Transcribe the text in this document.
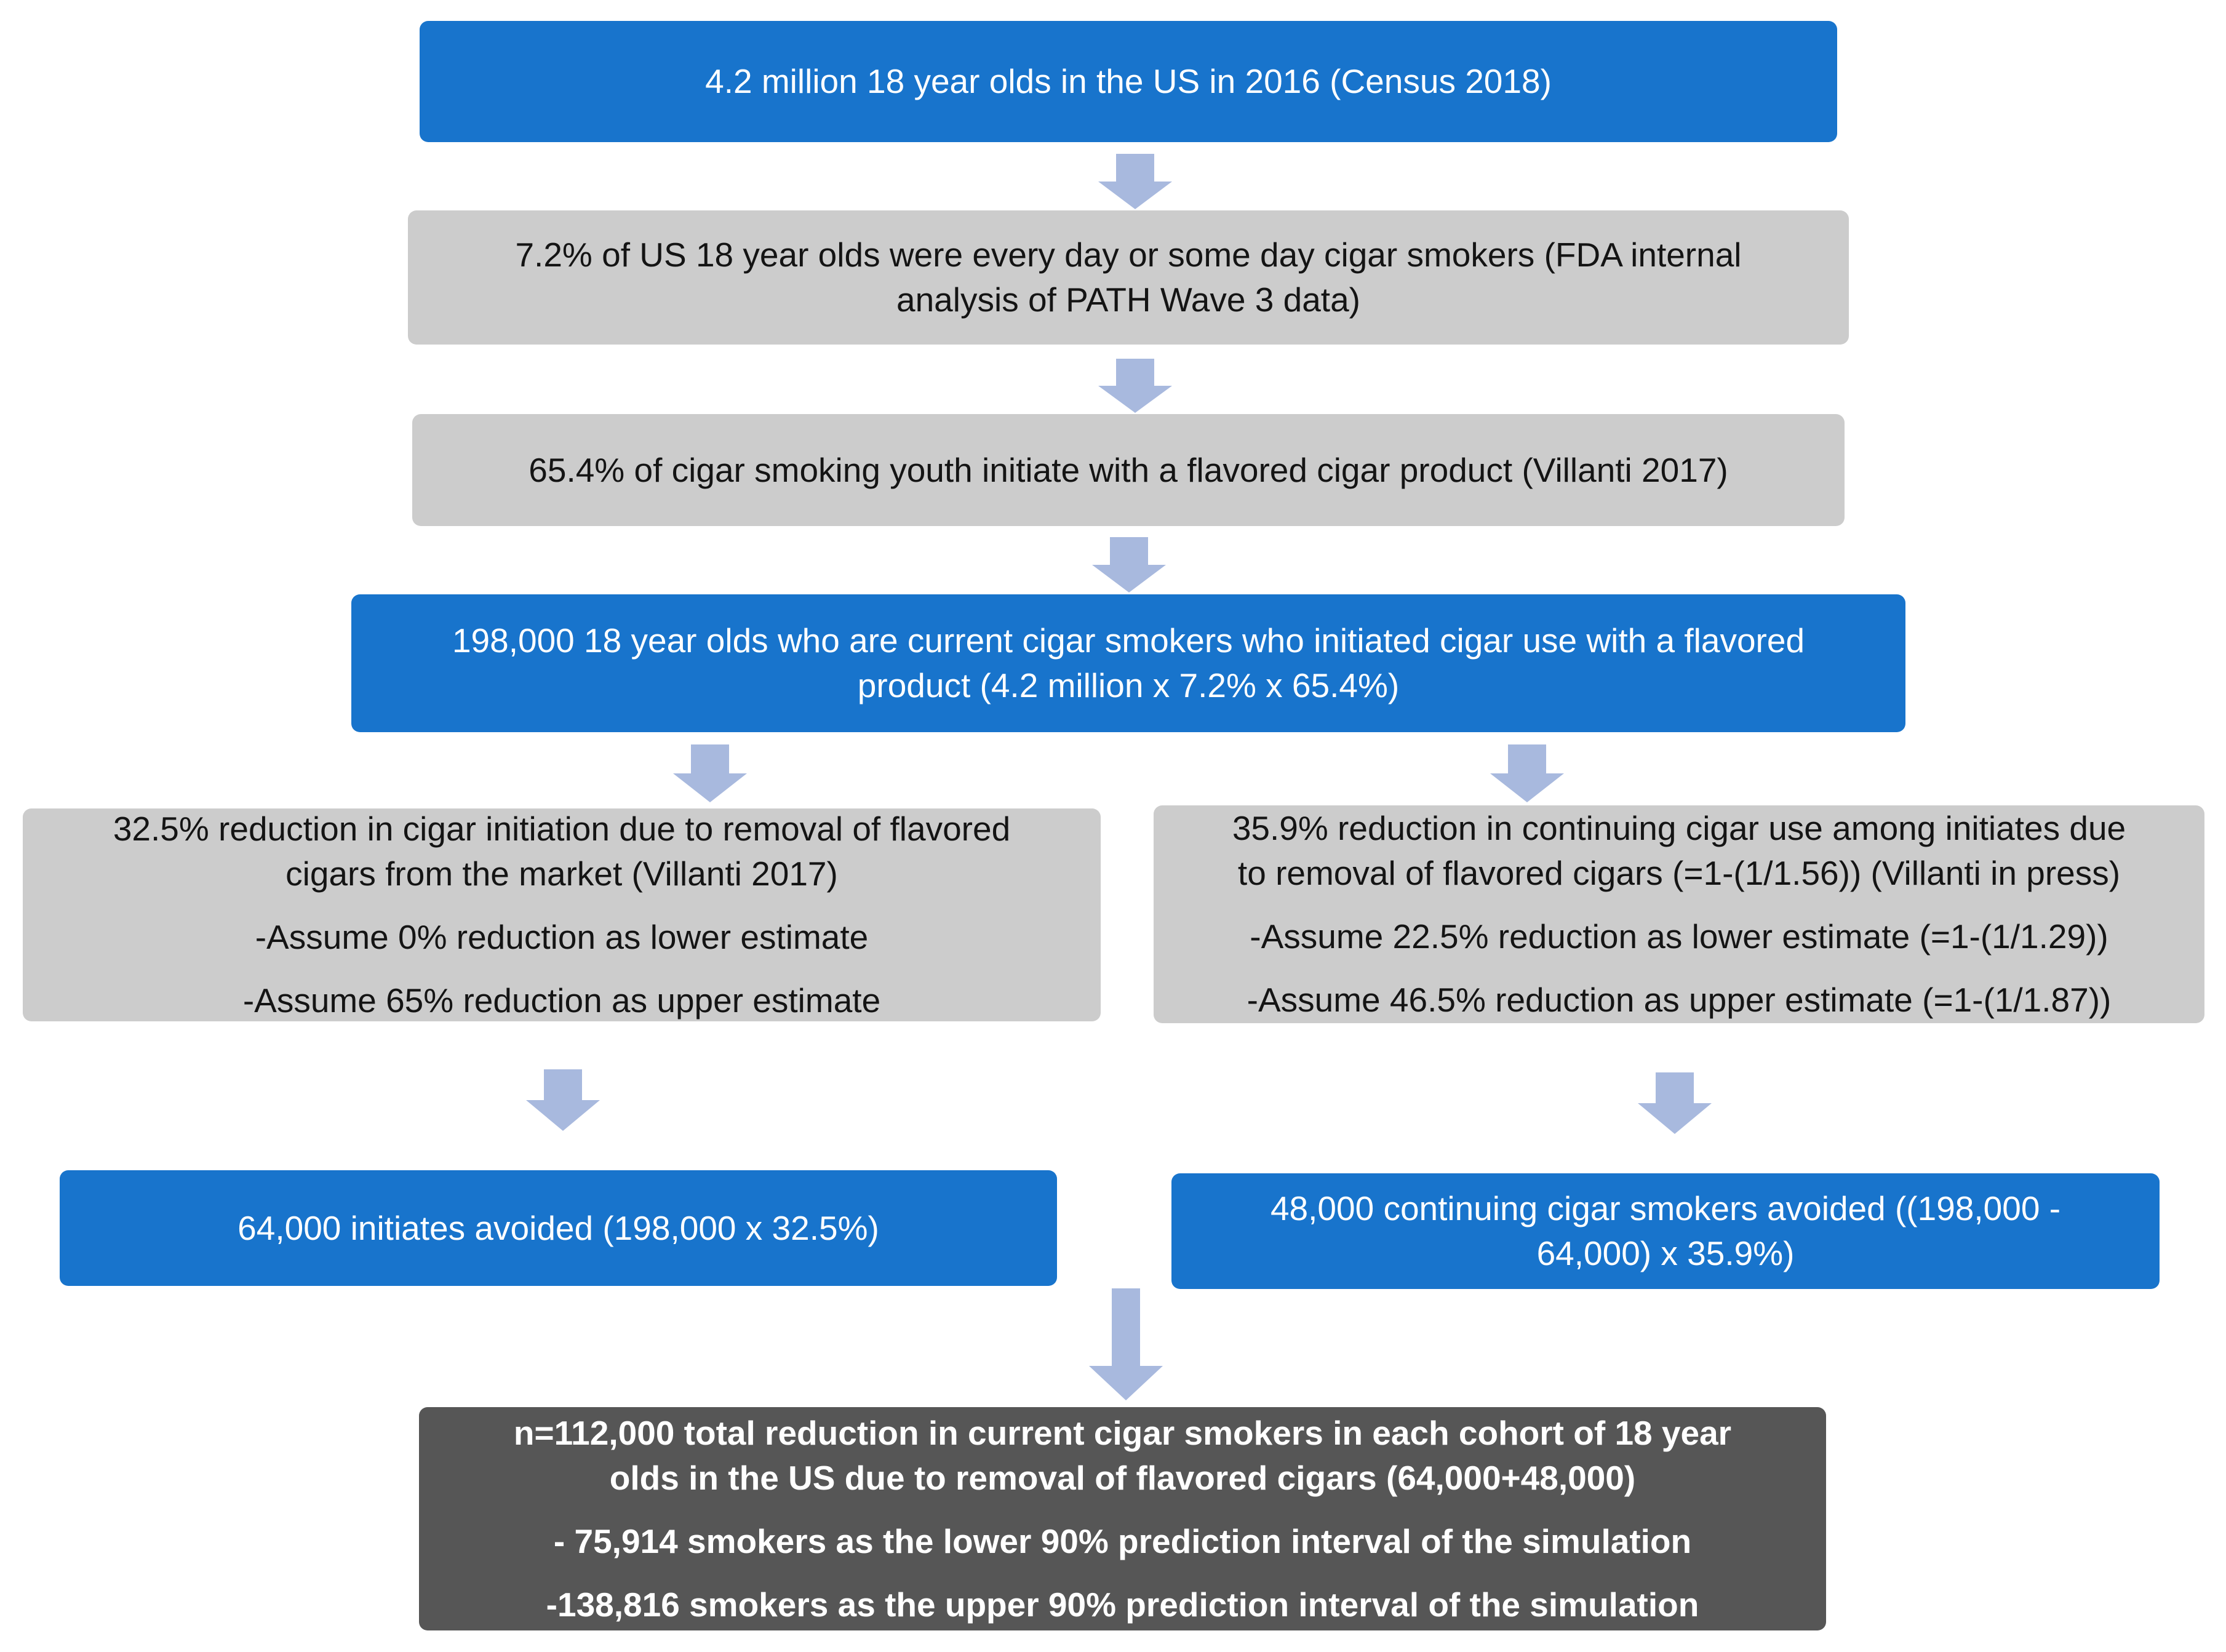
4.2 million 18 year olds in the US in 2016 (Census 2018)
7.2% of US 18 year olds were every day or some day cigar smokers (FDA internal
analysis of PATH Wave 3 data)
65.4% of cigar smoking youth initiate with a flavored cigar product (Villanti 2017)
198,000 18 year olds who are current cigar smokers who initiated cigar use with a flavored
product (4.2 million x 7.2% x 65.4%)
32.5% reduction in cigar initiation due to removal of flavored
cigars from the market (Villanti 2017)
-Assume 0% reduction as lower estimate
-Assume 65% reduction as upper estimate
35.9% reduction in continuing cigar use among initiates due
to removal of flavored cigars (=1-(1/1.56)) (Villanti in press)
-Assume 22.5% reduction as lower estimate (=1-(1/1.29))
-Assume 46.5% reduction as upper estimate (=1-(1/1.87))
64,000 initiates avoided (198,000 x 32.5%)
48,000 continuing cigar smokers avoided ((198,000 -
64,000) x 35.9%)
n=112,000 total reduction in current cigar smokers in each cohort of 18 year
olds in the US due to removal of flavored cigars (64,000+48,000)
- 75,914 smokers as the lower 90% prediction interval of the simulation
-138,816 smokers as the upper 90% prediction interval of the simulation
